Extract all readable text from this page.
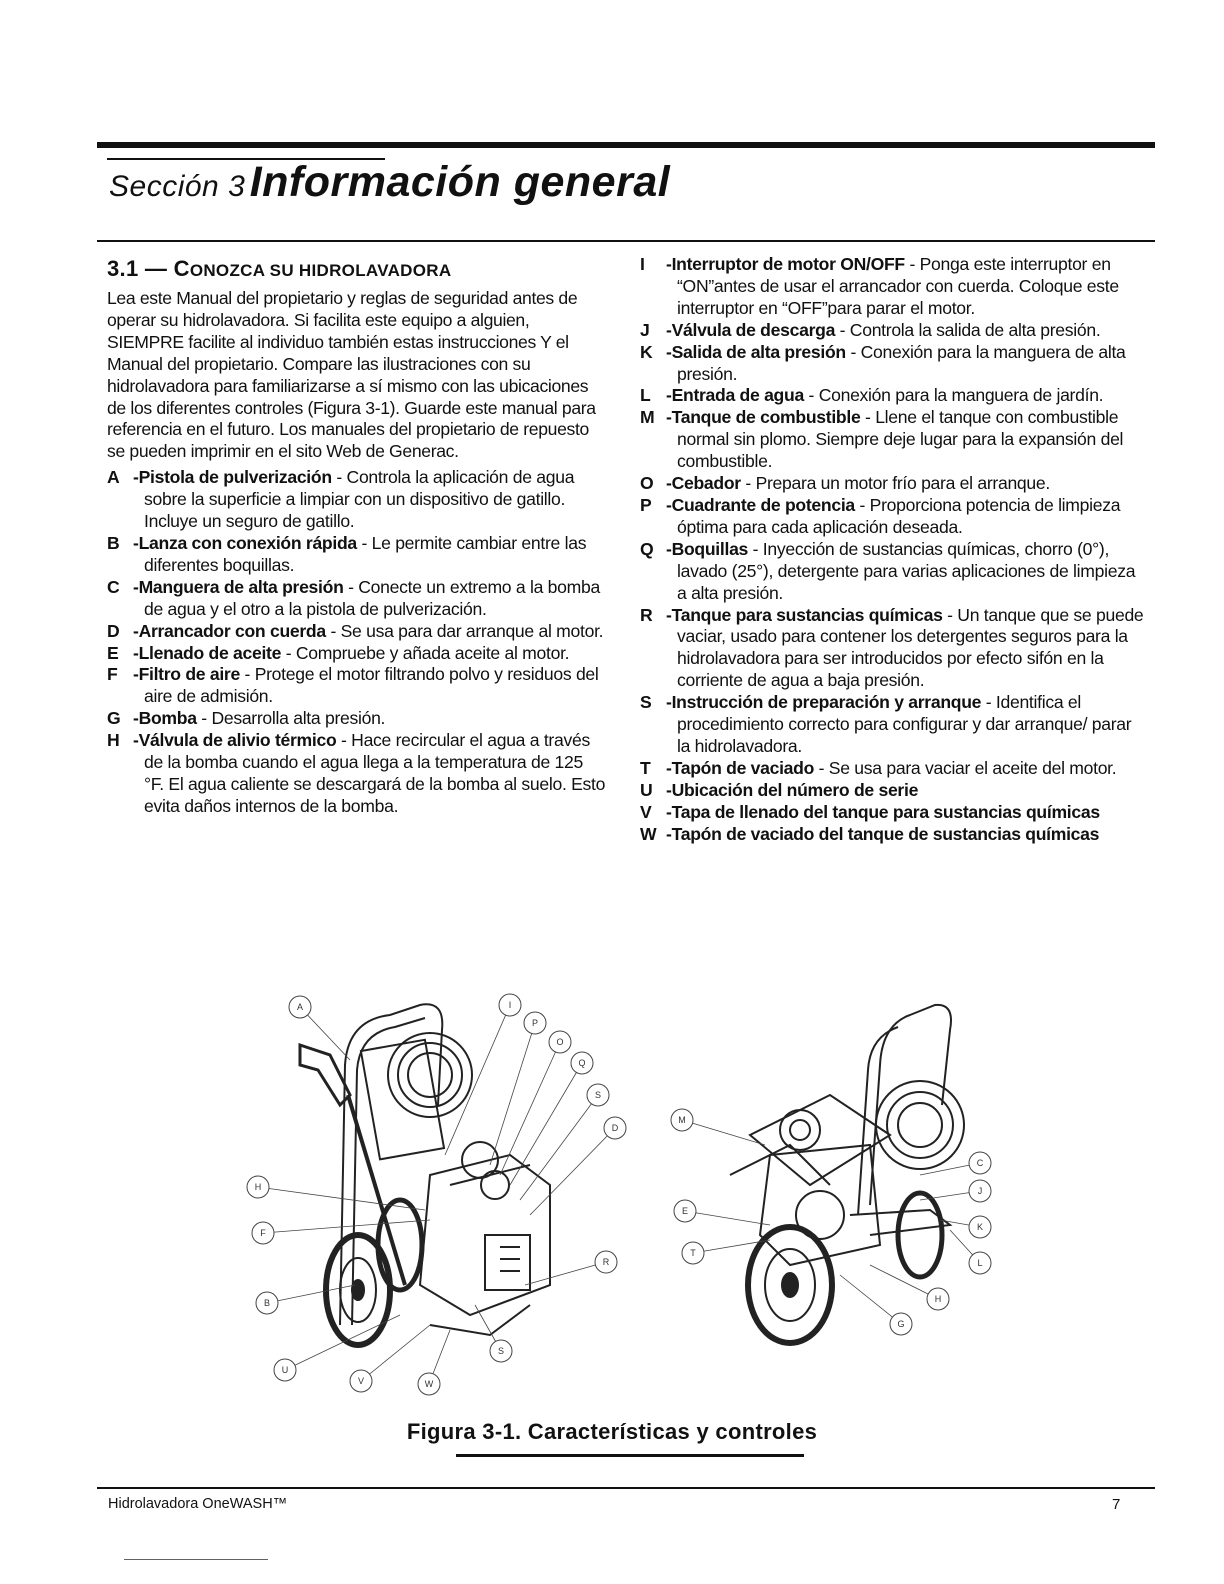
Sección 3 Información general
3.1 — CONOZCA SU HIDROLAVADORA

Lea este Manual del propietario y reglas de seguridad antes de operar su hidrolavadora. Si facilita este equipo a alguien, SIEMPRE facilite al individuo también estas instrucciones Y el Manual del propietario. Compare las ilustraciones con su hidrolavadora para familiarizarse a sí mismo con las ubicaciones de los diferentes controles (Figura 3-1). Guarde este manual para referencia en el futuro. Los manuales del propietario de repuesto se pueden imprimir en el sito Web de Generac.

A -Pistola de pulverización - Controla la aplicación de agua sobre la superficie a limpiar con un dispositivo de gatillo. Incluye un seguro de gatillo.
B -Lanza con conexión rápida - Le permite cambiar entre las diferentes boquillas.
C -Manguera de alta presión - Conecte un extremo a la bomba de agua y el otro a la pistola de pulverización.
D -Arrancador con cuerda - Se usa para dar arranque al motor.
E -Llenado de aceite - Compruebe y añada aceite al motor.
F -Filtro de aire - Protege el motor filtrando polvo y residuos del aire de admisión.
G -Bomba - Desarrolla alta presión.
H -Válvula de alivio térmico - Hace recircular el agua a través de la bomba cuando el agua llega a la temperatura de 125 °F. El agua caliente se descargará de la bomba al suelo. Esto evita daños internos de la bomba.
I	-Interruptor de motor ON/OFF - Ponga este interruptor en “ON”antes de usar el arrancador con cuerda. Coloque este interruptor en “OFF”para parar el motor.
J -Válvula de descarga - Controla la salida de alta presión.
K -Salida de alta presión - Conexión para la manguera de alta presión.
L -Entrada de agua - Conexión para la manguera de jardín.
M -Tanque de combustible - Llene el tanque con combustible normal sin plomo. Siempre deje lugar para la expansión del combustible.
O -Cebador - Prepara un motor frío para el arranque.
P -Cuadrante de potencia - Proporciona potencia de limpieza óptima para cada aplicación deseada.
Q -Boquillas - Inyección de sustancias químicas, chorro (0°), lavado (25°), detergente para varias aplicaciones de limpieza a alta presión.
R -Tanque para sustancias químicas - Un tanque que se puede vaciar, usado para contener los detergentes seguros para la hidrolavadora para ser introducidos por efecto sifón en la corriente de agua a baja presión.
S -Instrucción de preparación y arranque - Identifica el procedimiento correcto para configurar y dar arranque/ parar la hidrolavadora.
T -Tapón de vaciado - Se usa para vaciar el aceite del motor.
U -Ubicación del número de serie
V -Tapa de llenado del tanque para sustancias químicas
W -Tapón de vaciado del tanque de sustancias químicas
A	I
P
O
Q
S
D
H
F
B
R
U
V	W
S
M
C
J
E
K
T
L
H
G
Figura 3-1. Características y controles
Hidrolavadora OneWASH™	7
